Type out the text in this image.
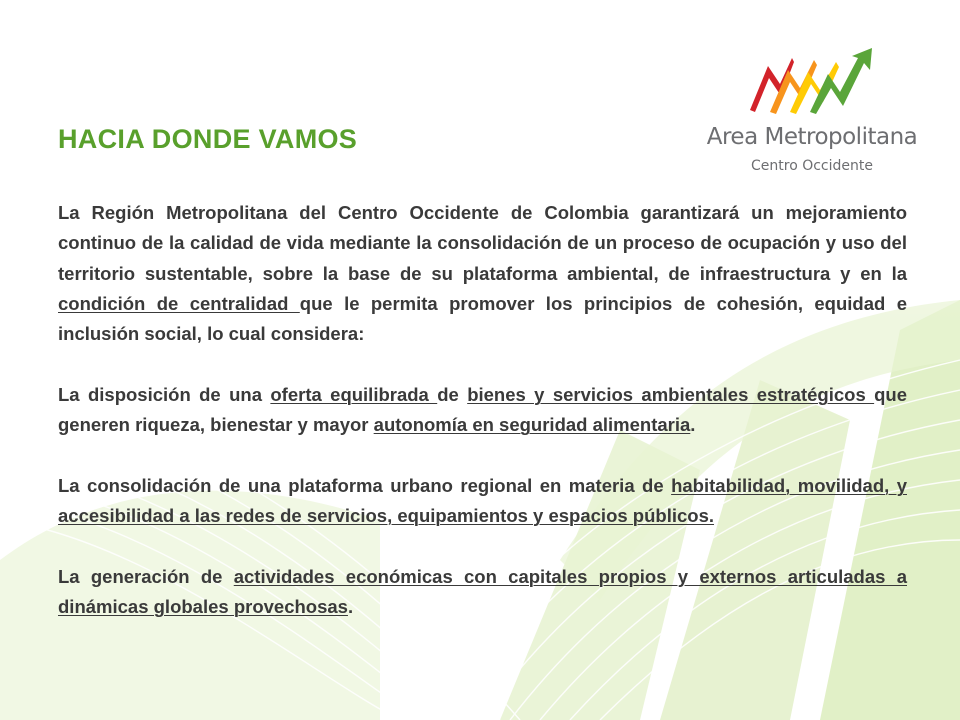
Area Metropolitana
Centro Occidente
HACIA DONDE VAMOS

La Región Metropolitana del Centro Occidente de Colombia garantizará un mejoramiento continuo de la calidad de vida mediante la consolidación de un proceso de ocupación y uso del territorio sustentable, sobre la base de su plataforma ambiental, de infraestructura y en la condición de centralidad que le permita promover los principios de cohesión, equidad e inclusión social, lo cual considera:

La disposición de una oferta equilibrada de bienes y servicios ambientales estratégicos que generen riqueza, bienestar y mayor autonomía en seguridad alimentaria.

La consolidación de una plataforma urbano regional en materia de habitabilidad, movilidad, y accesibilidad a las redes de servicios, equipamientos y espacios públicos.

La generación de actividades económicas con capitales propios y externos articuladas a dinámicas globales provechosas.
